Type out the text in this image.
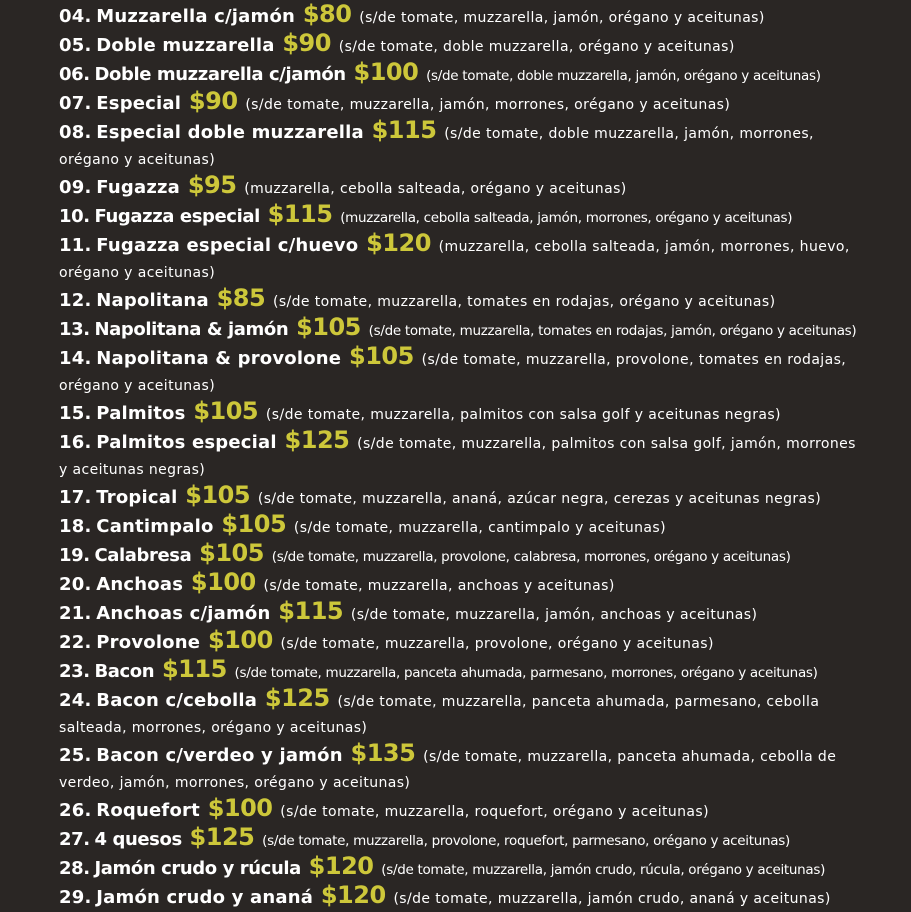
04. Muzzarella c/jamón $80 (s/de tomate, muzzarella, jamón, orégano y aceitunas)
05. Doble muzzarella $90 (s/de tomate, doble muzzarella, orégano y aceitunas)
06. Doble muzzarella c/jamón $100 (s/de tomate, doble muzzarella, jamón, orégano y aceitunas)
07. Especial $90 (s/de tomate, muzzarella, jamón, morrones, orégano y aceitunas)
08. Especial doble muzzarella $115 (s/de tomate, doble muzzarella, jamón, morrones, orégano y aceitunas)
09. Fugazza $95 (muzzarella, cebolla salteada, orégano y aceitunas)
10. Fugazza especial $115 (muzzarella, cebolla salteada, jamón, morrones, orégano y aceitunas)
11. Fugazza especial c/huevo $120 (muzzarella, cebolla salteada, jamón, morrones, huevo, orégano y aceitunas)
12. Napolitana $85 (s/de tomate, muzzarella, tomates en rodajas, orégano y aceitunas)
13. Napolitana & jamón $105 (s/de tomate, muzzarella, tomates en rodajas, jamón, orégano y aceitunas)
14. Napolitana & provolone $105 (s/de tomate, muzzarella, provolone, tomates en rodajas, orégano y aceitunas)
15. Palmitos $105 (s/de tomate, muzzarella, palmitos con salsa golf y aceitunas negras)
16. Palmitos especial $125 (s/de tomate, muzzarella, palmitos con salsa golf, jamón, morrones y aceitunas negras)
17. Tropical $105 (s/de tomate, muzzarella, ananá, azúcar negra, cerezas y aceitunas negras)
18. Cantimpalo $105 (s/de tomate, muzzarella, cantimpalo y aceitunas)
19. Calabresa $105 (s/de tomate, muzzarella, provolone, calabresa, morrones, orégano y aceitunas)
20. Anchoas $100 (s/de tomate, muzzarella, anchoas y aceitunas)
21. Anchoas c/jamón $115 (s/de tomate, muzzarella, jamón, anchoas y aceitunas)
22. Provolone $100 (s/de tomate, muzzarella, provolone, orégano y aceitunas)
23. Bacon $115 (s/de tomate, muzzarella, panceta ahumada, parmesano, morrones, orégano y aceitunas)
24. Bacon c/cebolla $125 (s/de tomate, muzzarella, panceta ahumada, parmesano, cebolla salteada, morrones, orégano y aceitunas)
25. Bacon c/verdeo y jamón $135 (s/de tomate, muzzarella, panceta ahumada, cebolla de verdeo, jamón, morrones, orégano y aceitunas)
26. Roquefort $100 (s/de tomate, muzzarella, roquefort, orégano y aceitunas)
27. 4 quesos $125 (s/de tomate, muzzarella, provolone, roquefort, parmesano, orégano y aceitunas)
28. Jamón crudo y rúcula $120 (s/de tomate, muzzarella, jamón crudo, rúcula, orégano y aceitunas)
29. Jamón crudo y ananá $120 (s/de tomate, muzzarella, jamón crudo, ananá y aceitunas)
